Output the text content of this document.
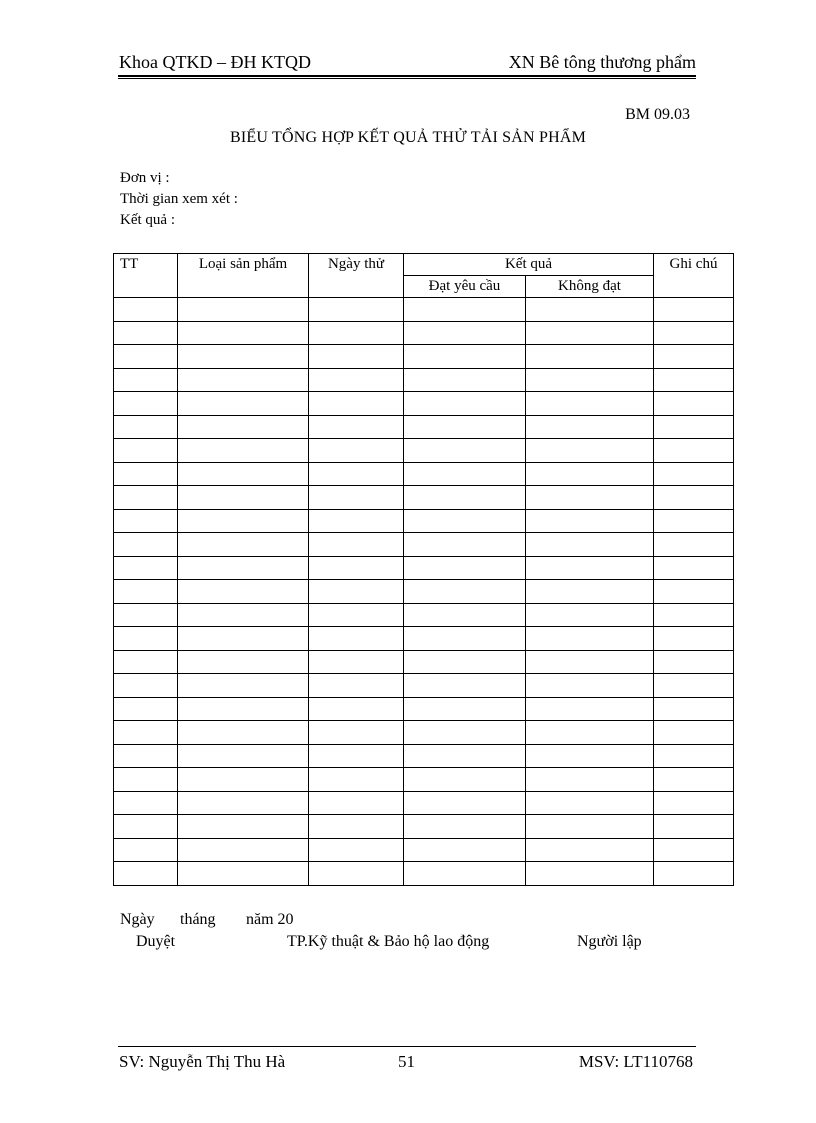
Khoa QTKD – ĐH KTQD	XN Bê tông thương phẩm
BM 09.03
BIỂU TỔNG HỢP KẾT QUẢ THỬ TẢI SẢN PHẨM
Đơn vị :
Thời gian xem xét :
Kết quả :
TT	Loại sản phẩm	Ngày thử	Kết quả		Ghi chú
			Đạt yêu cầu	Không đạt	

Ngày tháng năm 20
Duyệt	TP.Kỹ thuật & Bảo hộ lao động	Người lập
SV: Nguyễn Thị Thu Hà	51	MSV: LT110768
